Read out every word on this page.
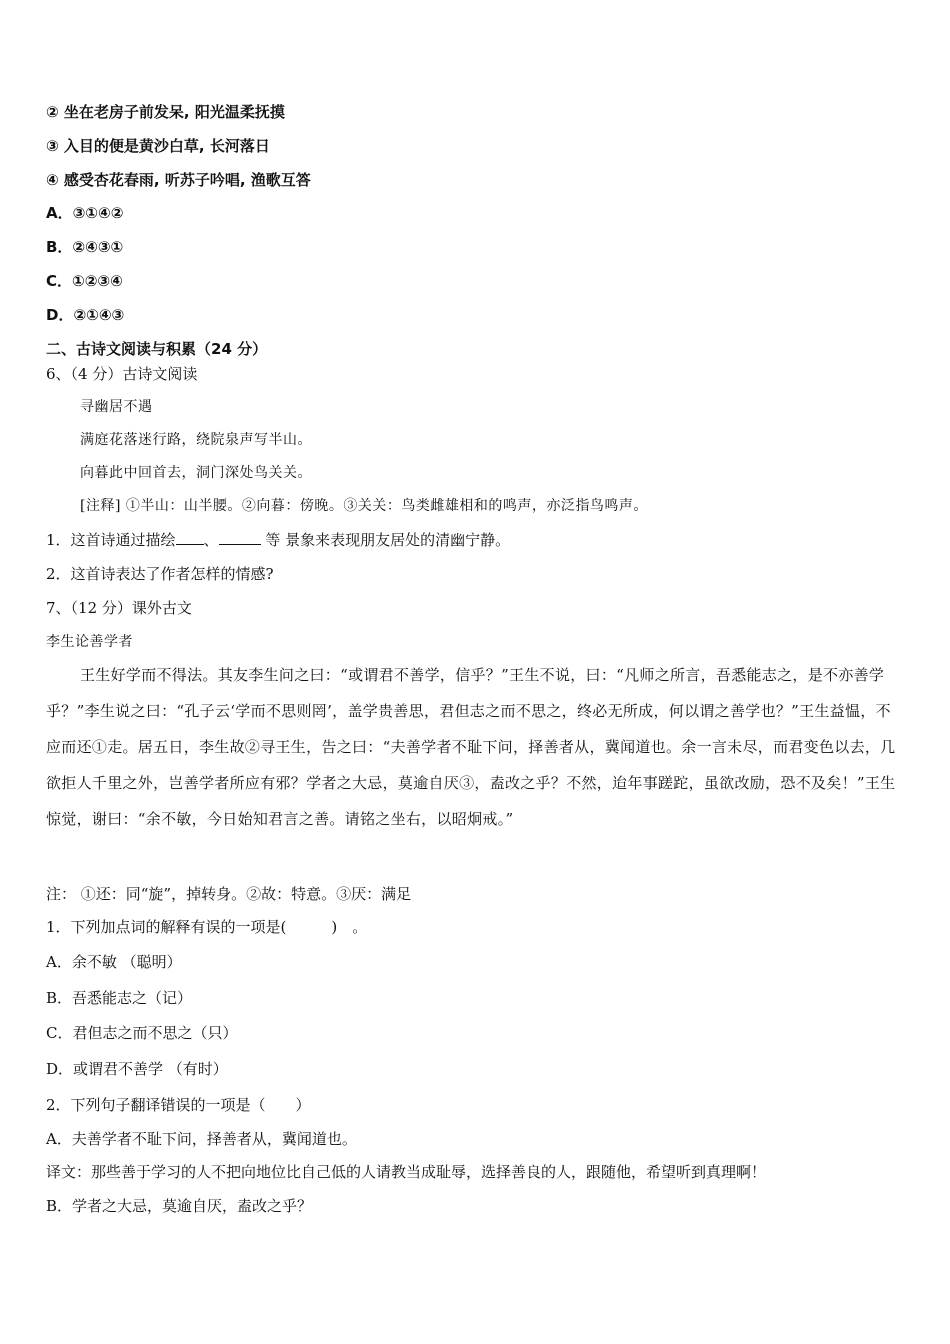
② 坐在老房子前发呆, 阳光温柔抚摸
③ 入目的便是黄沙白草, 长河落日
④ 感受杏花春雨, 听苏子吟唱, 渔歌互答
A．③①④②
B．②④③①
C．①②③④
D．②①④③
二、古诗文阅读与积累（24 分）
6、（4 分）古诗文阅读
寻幽居不遇
满庭花落迷行路，绕院泉声写半山。
向暮此中回首去，洞门深处鸟关关。
[注释] ①半山：山半腰。②向暮：傍晚。③关关：鸟类雌雄相和的鸣声，亦泛指鸟鸣声。
1．这首诗通过描绘 、	等 景象来表现朋友居处的清幽宁静。
2．这首诗表达了作者怎样的情感?
7、（12 分）课外古文
李生论善学者
王生好学而不得法。其友李生问之曰：“或谓君不善学，信乎？”王生不说，曰：“凡师之所言，吾悉能志之，是不亦善学乎？”李生说之曰：“孔子云‘学而不思则罔’，盖学贵善思，君但志之而不思之，终必无所成，何以谓之善学也？”王生益愠，不应而还①走。居五日，李生故②寻王生，告之曰：“夫善学者不耻下问，择善者从，冀闻道也。余一言未尽，而君变色以去，几欲拒人千里之外，岂善学者所应有邪？学者之大忌，莫逾自厌③，盍改之乎？不然，迨年事蹉跎，虽欲改励，恐不及矣！”王生惊觉，谢曰：“余不敏，今日始知君言之善。请铭之坐右，以昭炯戒。”
注： ①还：同“旋”，掉转身。②故：特意。③厌：满足
1．下列加点词的解释有误的一项是(　　　)　。
A．余不敏 （聪明）
B．吾悉能志之（记）
C．君但志之而不思之（只）
D．或谓君不善学 （有时）
2．下列句子翻译错误的一项是（　　）
A．夫善学者不耻下问，择善者从，冀闻道也。
译文：那些善于学习的人不把向地位比自己低的人请教当成耻辱，选择善良的人，跟随他，希望听到真理啊！
B．学者之大忌，莫逾自厌，盍改之乎？
